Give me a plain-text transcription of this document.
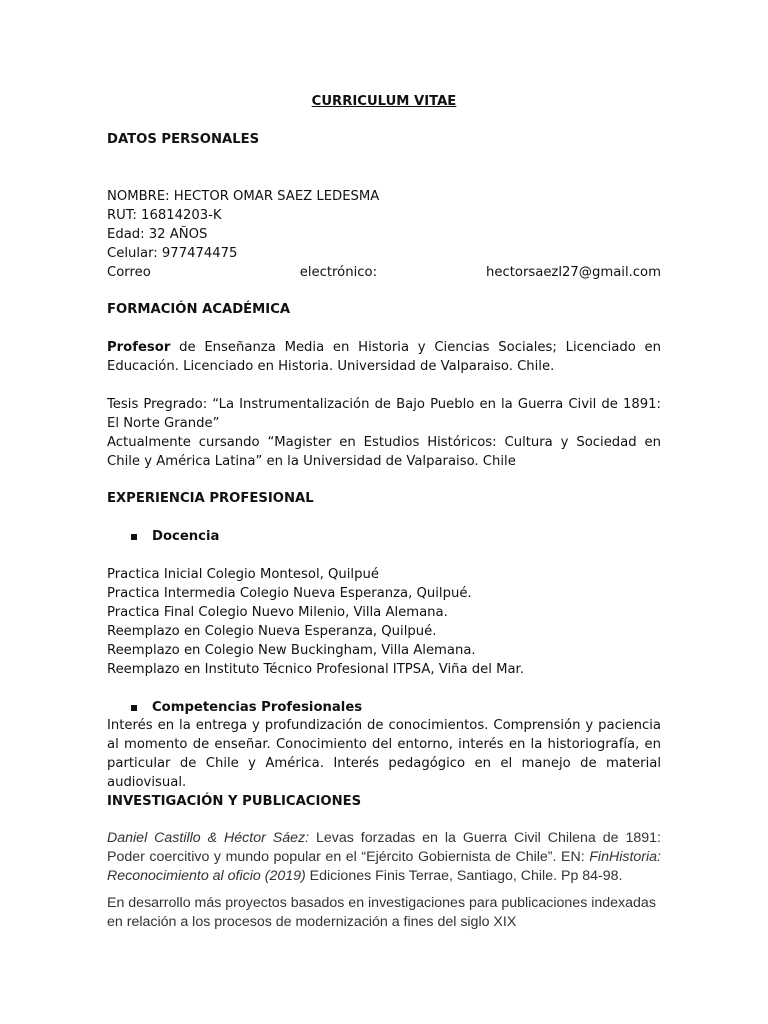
CURRICULUM VITAE

DATOS PERSONALES

NOMBRE: HECTOR OMAR SAEZ LEDESMA
RUT: 16814203-K
Edad: 32 AÑOS
Celular: 977474475
Correo	electrónico:	hectorsaezl27@gmail.com

FORMACIÓN ACADÉMICA

Profesor de Enseñanza Media en Historia y Ciencias Sociales; Licenciado en Educación. Licenciado en Historia. Universidad de Valparaiso. Chile.

Tesis Pregrado: “La Instrumentalización de Bajo Pueblo en la Guerra Civil de 1891: El Norte Grande”

Actualmente cursando “Magister en Estudios Históricos: Cultura y Sociedad en Chile y América Latina” en la Universidad de Valparaiso. Chile

EXPERIENCIA PROFESIONAL

Docencia
Practica Inicial Colegio Montesol, Quilpué
Practica Intermedia Colegio Nueva Esperanza, Quilpué.
Practica Final Colegio Nuevo Milenio, Villa Alemana.
Reemplazo en Colegio Nueva Esperanza, Quilpué.
Reemplazo en Colegio New Buckingham, Villa Alemana.
Reemplazo en Instituto Técnico Profesional ITPSA, Viña del Mar.
Competencias Profesionales

Interés en la entrega y profundización de conocimientos. Comprensión y paciencia al momento de enseñar. Conocimiento del entorno, interés en la historiografía, en particular de Chile y América. Interés pedagógico en el manejo de material audiovisual.

INVESTIGACIÓN Y PUBLICACIONES

Daniel Castillo & Héctor Sáez: Levas forzadas en la Guerra Civil Chilena de 1891: Poder coercitivo y mundo popular en el “Ejército Gobiernista de Chile”. EN: FinHistoria: Reconocimiento al oficio (2019) Ediciones Finis Terrae, Santiago, Chile. Pp 84-98.

En desarrollo más proyectos basados en investigaciones para publicaciones indexadas en relación a los procesos de modernización a fines del siglo XIX
